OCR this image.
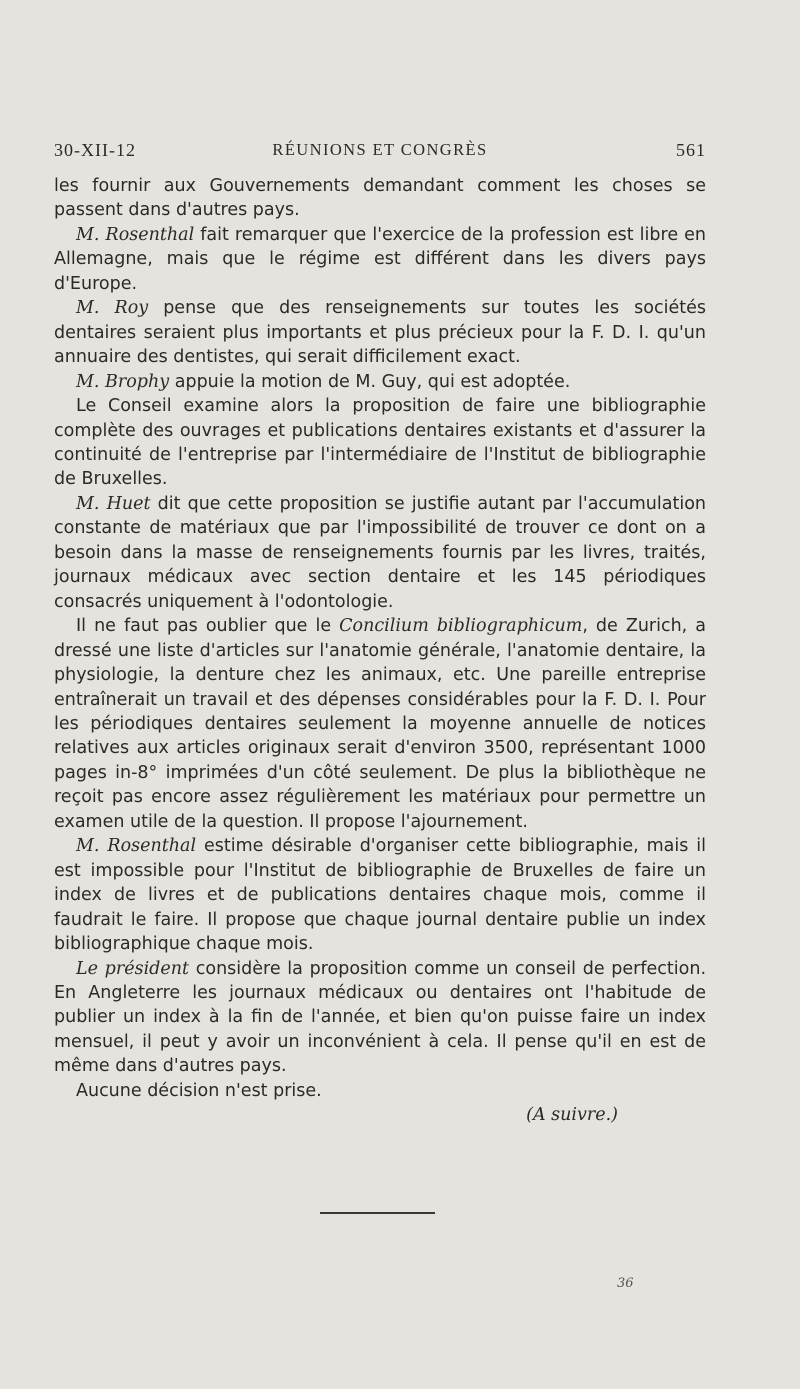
30-XII-12	RÉUNIONS ET CONGRÈS	561

les fournir aux Gouvernements demandant comment les choses se passent dans d'autres pays.

M. Rosenthal fait remarquer que l'exercice de la profession est libre en Allemagne, mais que le régime est différent dans les divers pays d'Europe.

M. Roy pense que des renseignements sur toutes les sociétés dentaires seraient plus importants et plus précieux pour la F. D. I. qu'un annuaire des dentistes, qui serait difficilement exact.

M. Brophy appuie la motion de M. Guy, qui est adoptée.

Le Conseil examine alors la proposition de faire une bibliographie complète des ouvrages et publications dentaires existants et d'assurer la continuité de l'entreprise par l'intermédiaire de l'Institut de bibliographie de Bruxelles.

M. Huet dit que cette proposition se justifie autant par l'accumulation constante de matériaux que par l'impossibilité de trouver ce dont on a besoin dans la masse de renseignements fournis par les livres, traités, journaux médicaux avec section dentaire et les 145 périodiques consacrés uniquement à l'odontologie.

Il ne faut pas oublier que le Concilium bibliographicum, de Zurich, a dressé une liste d'articles sur l'anatomie générale, l'anatomie dentaire, la physiologie, la denture chez les animaux, etc. Une pareille entreprise entraînerait un travail et des dépenses considérables pour la F. D. I. Pour les périodiques dentaires seulement la moyenne annuelle de notices relatives aux articles originaux serait d'environ 3500, représentant 1000 pages in-8° imprimées d'un côté seulement. De plus la bibliothèque ne reçoit pas encore assez régulièrement les matériaux pour permettre un examen utile de la question. Il propose l'ajournement.

M. Rosenthal estime désirable d'organiser cette bibliographie, mais il est impossible pour l'Institut de bibliographie de Bruxelles de faire un index de livres et de publications dentaires chaque mois, comme il faudrait le faire. Il propose que chaque journal dentaire publie un index bibliographique chaque mois.

Le président considère la proposition comme un conseil de perfection. En Angleterre les journaux médicaux ou dentaires ont l'habitude de publier un index à la fin de l'année, et bien qu'on puisse faire un index mensuel, il peut y avoir un inconvénient à cela. Il pense qu'il en est de même dans d'autres pays.

Aucune décision n'est prise.

(A suivre.)

36
